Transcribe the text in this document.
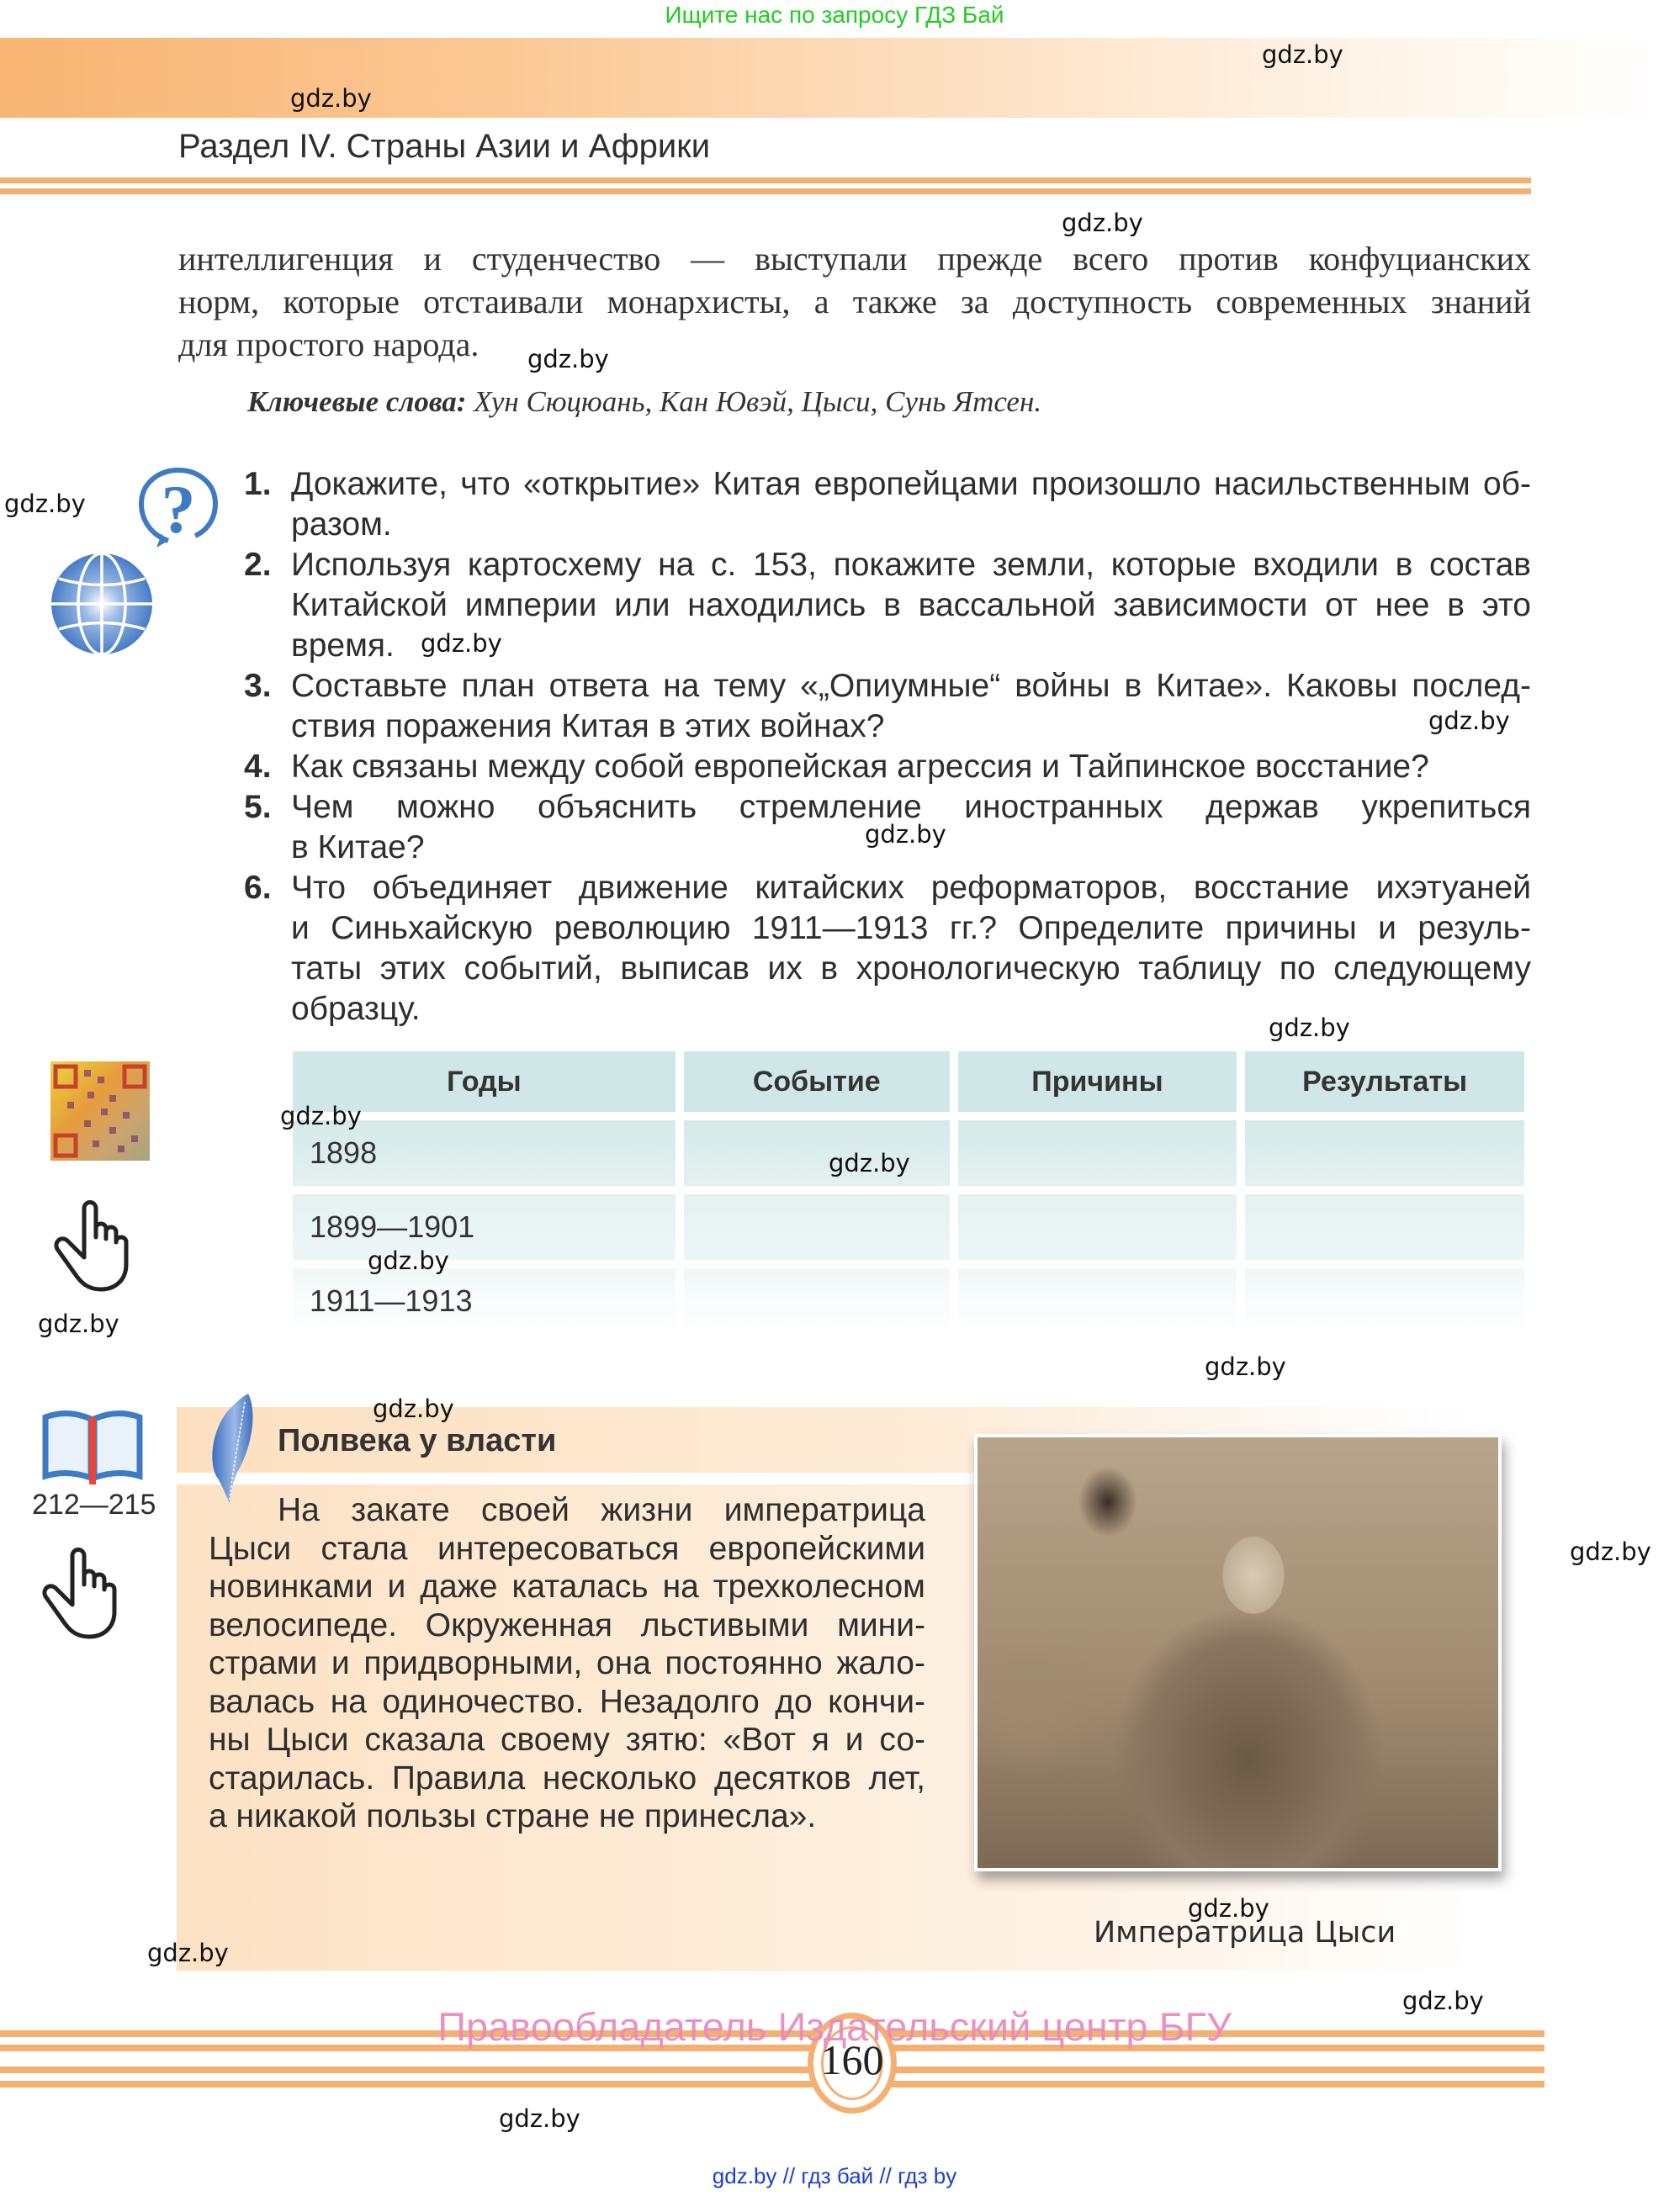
Ищите нас по запросу ГДЗ Бай
Раздел IV. Страны Азии и Африки
интеллигенция и студенчество — выступали прежде всего против конфуцианских
норм, которые отстаивали монархисты, а также за доступность современных знаний
для простого народа.
Ключевые слова: Хун Сюцюань, Кан Ювэй, Цыси, Сунь Ятсен.
?
212—215
1. Докажите, что «открытие» Китая европейцами произошло насильственным об-
разом.
2. Используя картосхему на с. 153, покажите земли, которые входили в состав
Китайской империи или находились в вассальной зависимости от нее в это
время.
3. Составьте план ответа на тему «„Опиумные“ войны в Китае». Каковы послед-
ствия поражения Китая в этих войнах?
4. Как связаны между собой европейская агрессия и Тайпинское восстание?
5. Чем можно объяснить стремление иностранных держав укрепиться
в Китае?
6. Что объединяет движение китайских реформаторов, восстание ихэтуаней
и Синьхайскую революцию 1911—1913 гг.? Определите причины и резуль-
таты этих событий, выписав их в хронологическую таблицу по следующему
образцу.
Годы	Событие	Причины	Результаты
1898
1899—1901
1911—1913
Полвека у власти
На закате своей жизни императрица
Цыси стала интересоваться европейскими
новинками и даже каталась на трехколесном
велосипеде. Окруженная льстивыми мини-
страми и придворными, она постоянно жало-
валась на одиночество. Незадолго до кончи-
ны Цыси сказала своему зятю: «Вот я и со-
старилась. Правила несколько десятков лет,
а никакой пользы стране не принесла».
Императрица Цыси
160
Правообладатель Издательский центр БГУ
gdz.by // гдз бай // гдз by
gdz.by
gdz.by
gdz.by
gdz.by
gdz.by
gdz.by
gdz.by
gdz.by
gdz.by
gdz.by
gdz.by
gdz.by
gdz.by
gdz.by
gdz.by
gdz.by
gdz.by
gdz.by
gdz.by
gdz.by
